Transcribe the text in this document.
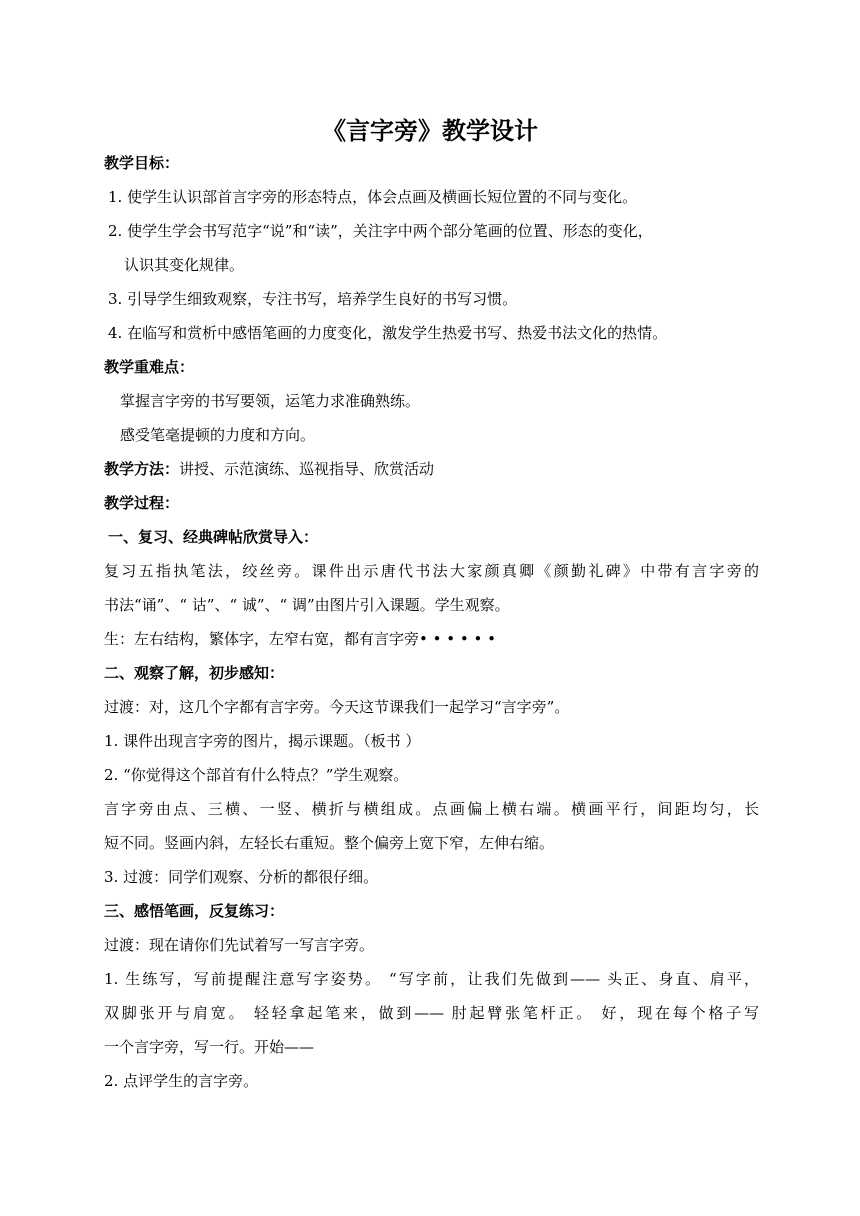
《言字旁》教学设计
教学目标：
1. 使学生认识部首言字旁的形态特点，体会点画及横画长短位置的不同与变化。
2. 使学生学会书写范字“说”和“读”，关注字中两个部分笔画的位置、形态的变化，
认识其变化规律。
3. 引导学生细致观察，专注书写，培养学生良好的书写习惯。
4. 在临写和赏析中感悟笔画的力度变化，激发学生热爱书写、热爱书法文化的热情。
教学重难点：
掌握言字旁的书写要领，运笔力求准确熟练。
感受笔毫提顿的力度和方向。
教学方法：讲授、示范演练、巡视指导、欣赏活动
教学过程：
一、复习、经典碑帖欣赏导入：
复习五指执笔法，绞丝旁。课件出示唐代书法大家颜真卿《颜勤礼碑》中带有言字旁的
书法“诵”、“ 诂”、“ 诚”、“ 调”由图片引入课题。学生观察。
生：左右结构，繁体字，左窄右宽，都有言字旁• • • • • •
二、观察了解，初步感知：
过渡：对，这几个字都有言字旁。今天这节课我们一起学习“言字旁”。
1. 课件出现言字旁的图片，揭示课题。（板书 ）
2. “你觉得这个部首有什么特点？”学生观察。
言字旁由点、三横、一竖、横折与横组成。点画偏上横右端。横画平行，间距均匀，长
短不同。竖画内斜，左轻长右重短。整个偏旁上宽下窄，左伸右缩。
3. 过渡：同学们观察、分析的都很仔细。
三、感悟笔画，反复练习：
过渡：现在请你们先试着写一写言字旁。
1. 生练写，写前提醒注意写字姿势。 “写字前，让我们先做到—— 头正、身直、肩平，
双脚张开与肩宽。 轻轻拿起笔来，做到—— 肘起臂张笔杆正。 好，现在每个格子写
一个言字旁，写一行。开始——
2. 点评学生的言字旁。
